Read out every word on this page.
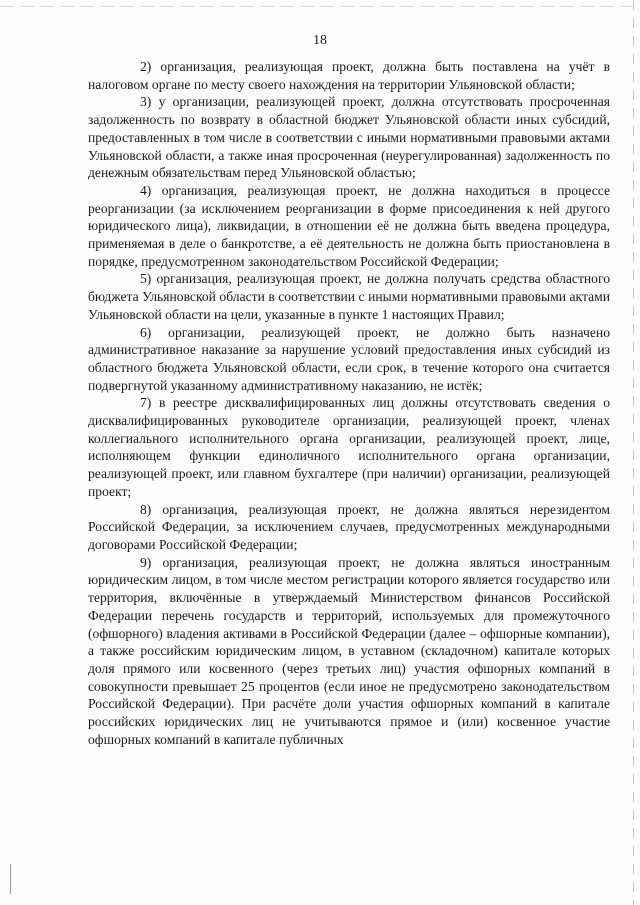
18

2) организация, реализующая проект, должна быть поставлена на учёт в налоговом органе по месту своего нахождения на территории Ульяновской области;

3) у организации, реализующей проект, должна отсутствовать просроченная задолженность по возврату в областной бюджет Ульяновской области иных субсидий, предоставленных в том числе в соответствии с иными нормативными правовыми актами Ульяновской области, а также иная просроченная (неурегулированная) задолженность по денежным обязательствам перед Ульяновской областью;

4) организация, реализующая проект, не должна находиться в процессе реорганизации (за исключением реорганизации в форме присоединения к ней другого юридического лица), ликвидации, в отношении её не должна быть введена процедура, применяемая в деле о банкротстве, а её деятельность не должна быть приостановлена в порядке, предусмотренном законодательством Российской Федерации;

5) организация, реализующая проект, не должна получать средства областного бюджета Ульяновской области в соответствии с иными нормативными правовыми актами Ульяновской области на цели, указанные в пункте 1 настоящих Правил;

6) организации, реализующей проект, не должно быть назначено административное наказание за нарушение условий предоставления иных субсидий из областного бюджета Ульяновской области, если срок, в течение которого она считается подвергнутой указанному административному наказанию, не истёк;

7) в реестре дисквалифицированных лиц должны отсутствовать сведения о дисквалифицированных руководителе организации, реализующей проект, членах коллегиального исполнительного органа организации, реализующей проект, лице, исполняющем функции единоличного исполнительного органа организации, реализующей проект, или главном бухгалтере (при наличии) организации, реализующей проект;

8) организация, реализующая проект, не должна являться нерезидентом Российской Федерации, за исключением случаев, предусмотренных международными договорами Российской Федерации;

9) организация, реализующая проект, не должна являться иностранным юридическим лицом, в том числе местом регистрации которого является государство или территория, включённые в утверждаемый Министерством финансов Российской Федерации перечень государств и территорий, используемых для промежуточного (офшорного) владения активами в Российской Федерации (далее – офшорные компании), а также российским юридическим лицом, в уставном (складочном) капитале которых доля прямого или косвенного (через третьих лиц) участия офшорных компаний в совокупности превышает 25 процентов (если иное не предусмотрено законодательством Российской Федерации). При расчёте доли участия офшорных компаний в капитале российских юридических лиц не учитываются прямое и (или) косвенное участие офшорных компаний в капитале публичных
